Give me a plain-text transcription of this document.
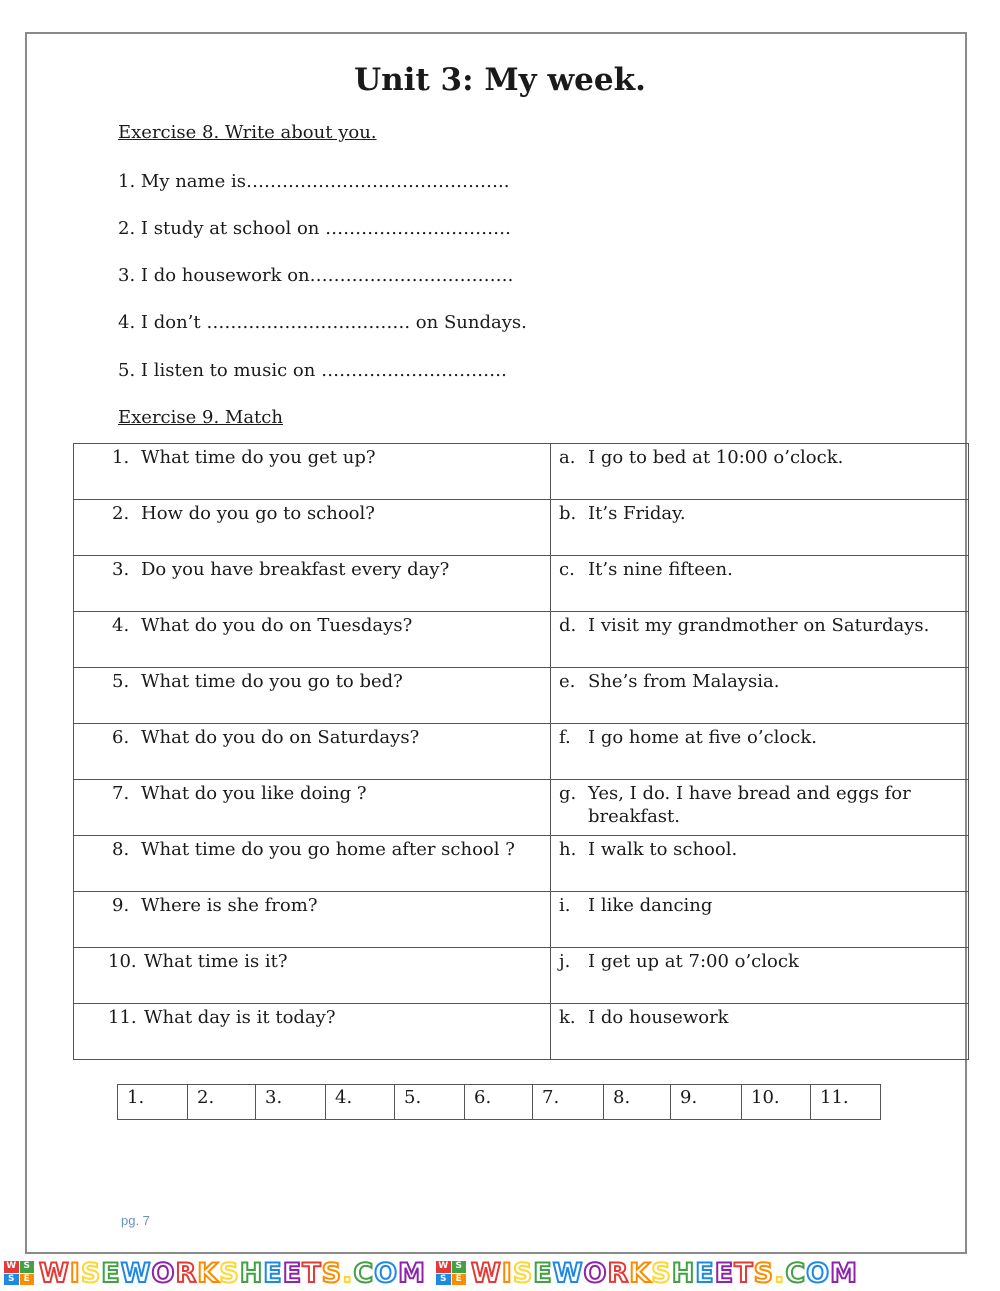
Unit 3: My week.

Exercise 8. Write about you.

1. My name is……………………………………..

2. I study at school on ………………………….

3. I do housework on…………………………….

4. I don’t ……………………………. on Sundays.

5. I listen to music on ………………………….

Exercise 9. Match

1. What time do you get up?	a. I go to bed at 10:00 o’clock.

2. How do you go to school?	b. It’s Friday.

3. Do you have breakfast every day?	c. It’s nine fifteen.

4. What do you do on Tuesdays?	d. I visit my grandmother on Saturdays.

5. What time do you go to bed?	e. She’s from Malaysia.

6. What do you do on Saturdays?	f. I go home at five o’clock.

7. What do you like doing ?	g. Yes, I do. I have bread and eggs for breakfast.

8. What time do you go home after school ?	h. I walk to school.

9. Where is she from?	i. I like dancing

10. What time is it?	j. I get up at 7:00 o’clock

11. What day is it today?	k. I do housework
1.	2.	3.	4.	5.	6.	7.	8.	9.	10.	11.

pg. 7

W S
S	E W I S E W O R K S H E E T S . C O M W S
S	E W I S E W O R K S H E E T S . C O M
